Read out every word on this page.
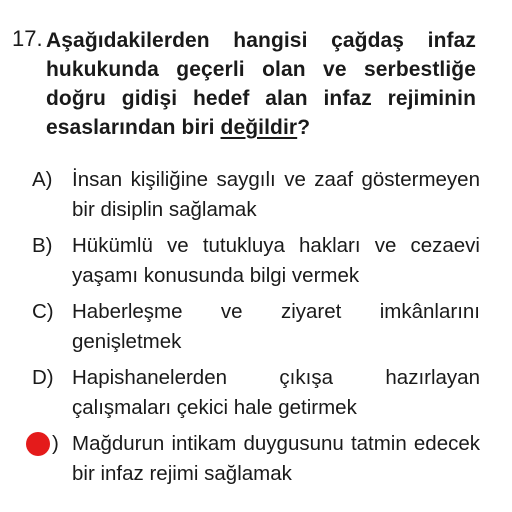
17. Aşağıdakilerden hangisi çağdaş infaz hukukunda geçerli olan ve serbestliğe doğru gidişi hedef alan infaz rejiminin esaslarından biri değildir?
A) İnsan kişiliğine saygılı ve zaaf göstermeyen bir disiplin sağlamak
B) Hükümlü ve tutukluya hakları ve cezaevi yaşamı konusunda bilgi vermek
C) Haberleşme ve ziyaret imkânlarını genişletmek
D) Hapishanelerden çıkışa hazırlayan çalışmaları çekici hale getirmek
) Mağdurun intikam duygusunu tatmin edecek bir infaz rejimi sağlamak
